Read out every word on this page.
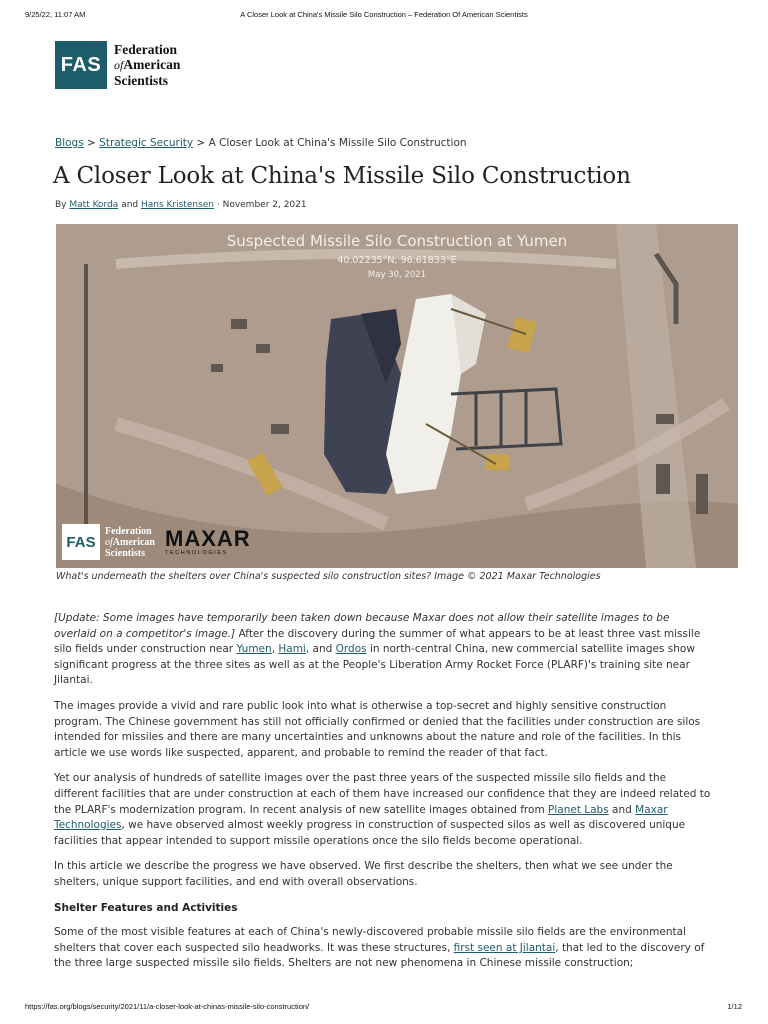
9/25/22, 11:07 AM	A Closer Look at China's Missile Silo Construction – Federation Of American Scientists
FAS
Federation
ofAmerican
Scientists
Blogs > Strategic Security > A Closer Look at China's Missile Silo Construction
A Closer Look at China's Missile Silo Construction
By Matt Korda and Hans Kristensen · November 2, 2021
Suspected Missile Silo Construction at Yumen
40.02235°N, 96.61833°E
May 30, 2021
FAS
Federation
ofAmerican
Scientists
MAXAR
TECHNOLOGIES
What's underneath the shelters over China's suspected silo construction sites? Image © 2021 Maxar Technologies

[Update: Some images have temporarily been taken down because Maxar does not allow their satellite images to be overlaid on a competitor's image.] After the discovery during the summer of what appears to be at least three vast missile silo fields under construction near Yumen, Hami, and Ordos in north-central China, new commercial satellite images show significant progress at the three sites as well as at the People's Liberation Army Rocket Force (PLARF)'s training site near Jilantai.

The images provide a vivid and rare public look into what is otherwise a top-secret and highly sensitive construction program. The Chinese government has still not officially confirmed or denied that the facilities under construction are silos intended for missiles and there are many uncertainties and unknowns about the nature and role of the facilities. In this article we use words like suspected, apparent, and probable to remind the reader of that fact.

Yet our analysis of hundreds of satellite images over the past three years of the suspected missile silo fields and the different facilities that are under construction at each of them have increased our confidence that they are indeed related to the PLARF's modernization program. In recent analysis of new satellite images obtained from Planet Labs and Maxar Technologies, we have observed almost weekly progress in construction of suspected silos as well as discovered unique facilities that appear intended to support missile operations once the silo fields become operational.

In this article we describe the progress we have observed. We first describe the shelters, then what we see under the shelters, unique support facilities, and end with overall observations.

Shelter Features and Activities

Some of the most visible features at each of China's newly-discovered probable missile silo fields are the environmental shelters that cover each suspected silo headworks. It was these structures, first seen at Jilantai, that led to the discovery of the three large suspected missile silo fields. Shelters are not new phenomena in Chinese missile construction;

https://fas.org/blogs/security/2021/11/a-closer-look-at-chinas-missile-silo-construction/	1/12
